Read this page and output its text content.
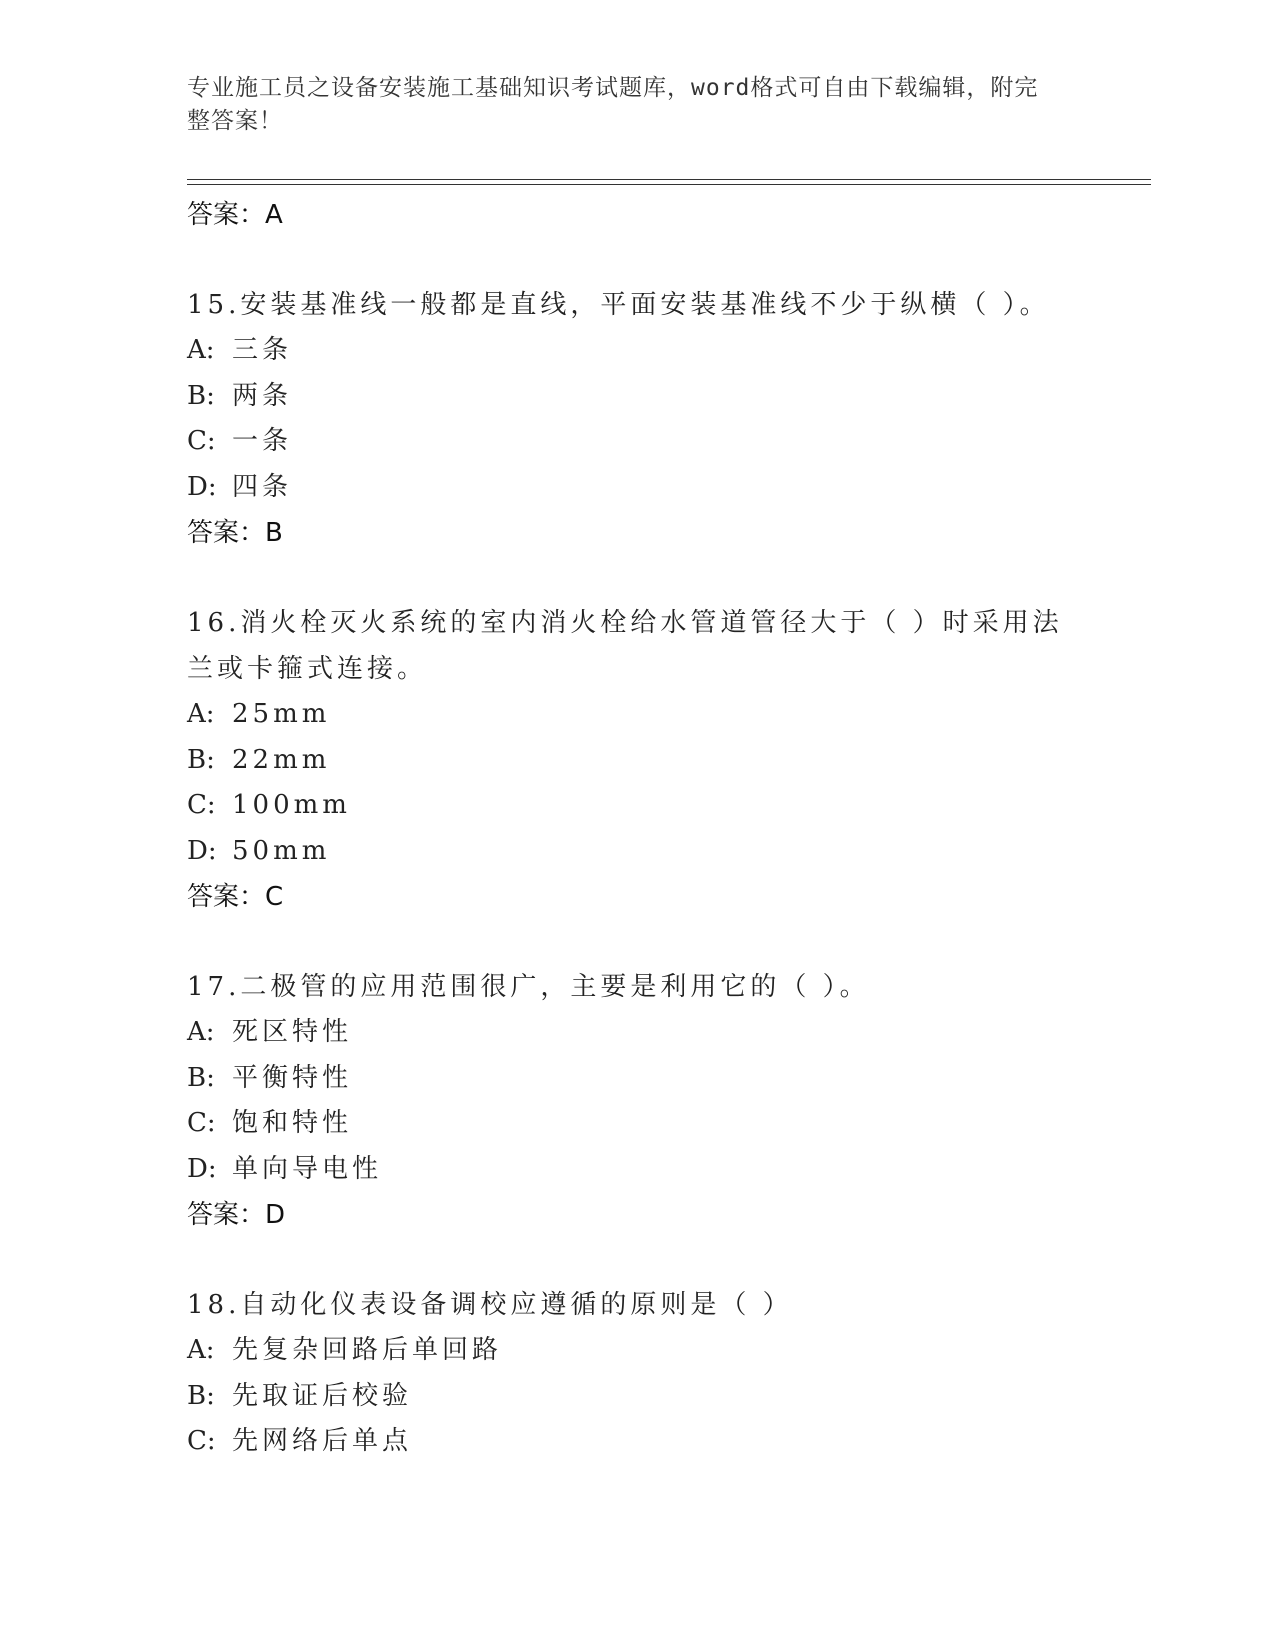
专业施工员之设备安装施工基础知识考试题库，word格式可自由下载编辑，附完
整答案！
答案：A
15.安装基准线一般都是直线，平面安装基准线不少于纵横（ ）。
A: 三条
B: 两条
C: 一条
D: 四条
答案：B
16.消火栓灭火系统的室内消火栓给水管道管径大于（ ）时采用法兰或卡箍式连接。
A: 25mm
B: 22mm
C: 100mm
D: 50mm
答案：C
17.二极管的应用范围很广，主要是利用它的（ ）。
A: 死区特性
B: 平衡特性
C: 饱和特性
D: 单向导电性
答案：D
18.自动化仪表设备调校应遵循的原则是（ ）
A: 先复杂回路后单回路
B: 先取证后校验
C: 先网络后单点
